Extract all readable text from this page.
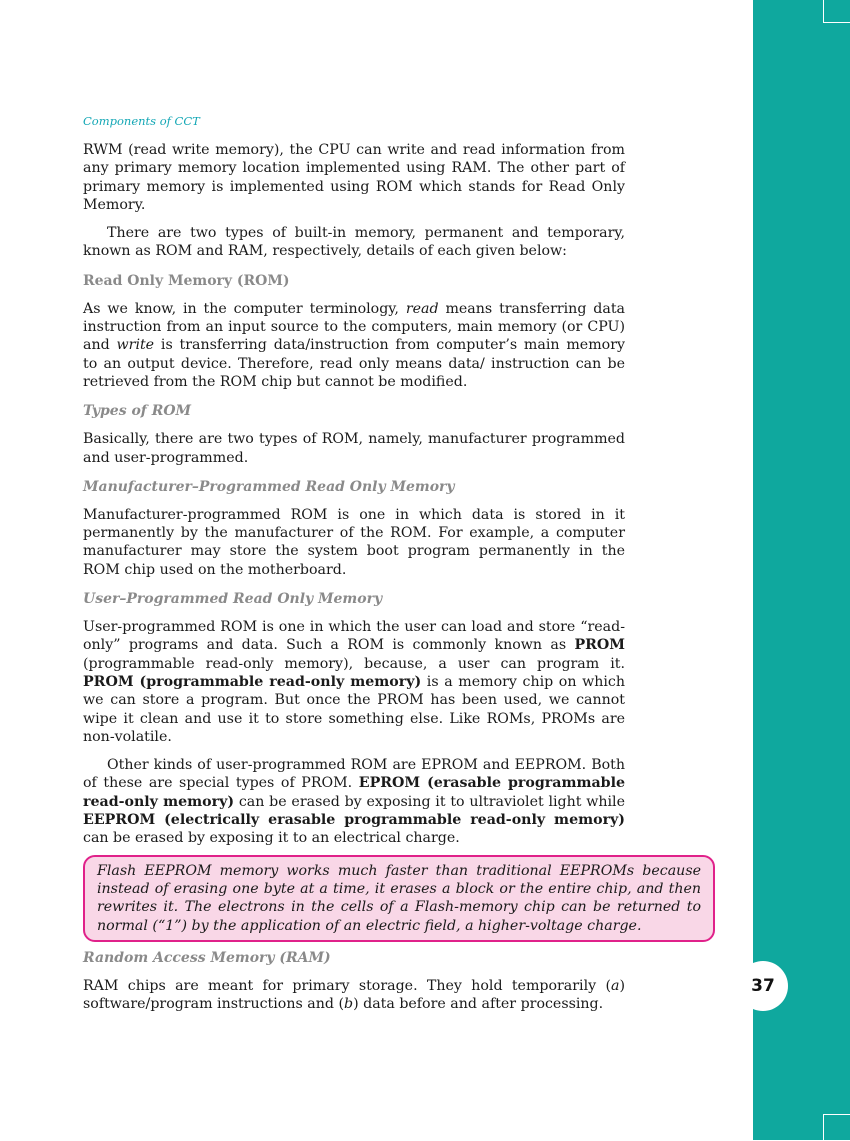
37
Components of CCT

RWM (read write memory), the CPU can write and read information from any primary memory location implemented using RAM. The other part of primary memory is implemented using ROM which stands for Read Only Memory.

There are two types of built-in memory, permanent and temporary, known as ROM and RAM, respectively, details of each given below:

Read Only Memory (ROM)

As we know, in the computer terminology, read means transferring data instruction from an input source to the computers, main memory (or CPU) and write is transferring data/instruction from computer’s main memory to an output device. Therefore, read only means data/ instruction can be retrieved from the ROM chip but cannot be modified.

Types of ROM

Basically, there are two types of ROM, namely, manufacturer programmed and user-programmed.

Manufacturer–Programmed Read Only Memory

Manufacturer-programmed ROM is one in which data is stored in it permanently by the manufacturer of the ROM. For example, a computer manufacturer may store the system boot program permanently in the ROM chip used on the motherboard.

User–Programmed Read Only Memory

User-programmed ROM is one in which the user can load and store “read-only” programs and data. Such a ROM is commonly known as PROM (programmable read-only memory), because, a user can program it. PROM (programmable read-only memory) is a memory chip on which we can store a program. But once the PROM has been used, we cannot wipe it clean and use it to store something else. Like ROMs, PROMs are non-volatile.

Other kinds of user-programmed ROM are EPROM and EEPROM. Both of these are special types of PROM. EPROM (erasable programmable read-only memory) can be erased by exposing it to ultraviolet light while EEPROM (electrically erasable programmable read-only memory) can be erased by exposing it to an electrical charge.

Flash EEPROM memory works much faster than traditional EEPROMs because instead of erasing one byte at a time, it erases a block or the entire chip, and then rewrites it. The electrons in the cells of a Flash-memory chip can be returned to normal (“1”) by the application of an electric field, a higher-voltage charge.

Random Access Memory (RAM)

RAM chips are meant for primary storage. They hold temporarily (a) software/program instructions and (b) data before and after processing.
